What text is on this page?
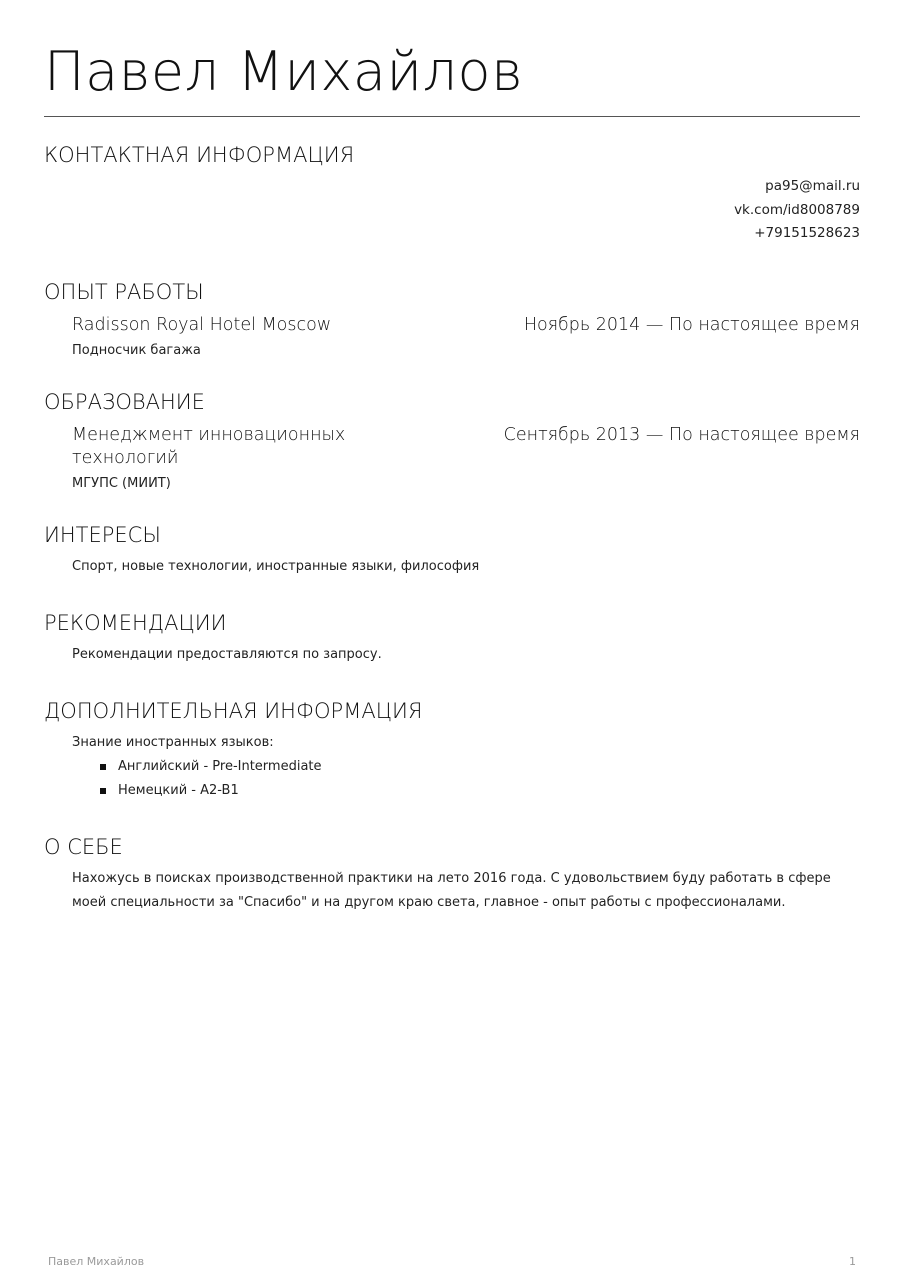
Павел Михайлов
КОНТАКТНАЯ ИНФОРМАЦИЯ
pa95@mail.ru
vk.com/id8008789
+79151528623
ОПЫТ РАБОТЫ
Radisson Royal Hotel Moscow	Ноябрь 2014 — По настоящее время
Подносчик багажа
ОБРАЗОВАНИЕ
Менеджмент инновационных технологий
Сентябрь 2013 — По настоящее время
МГУПС (МИИТ)
ИНТЕРЕСЫ
Спорт, новые технологии, иностранные языки, философия
РЕКОМЕНДАЦИИ
Рекомендации предоставляются по запросу.
ДОПОЛНИТЕЛЬНАЯ ИНФОРМАЦИЯ
Знание иностранных языков:
Английский - Pre-Intermediate
Немецкий - A2-B1
О СЕБЕ
Нахожусь в поисках производственной практики на лето 2016 года. С удовольствием буду работать в сфере моей специальности за "Спасибо" и на другом краю света, главное - опыт работы с профессионалами.
Павел Михайлов	1
